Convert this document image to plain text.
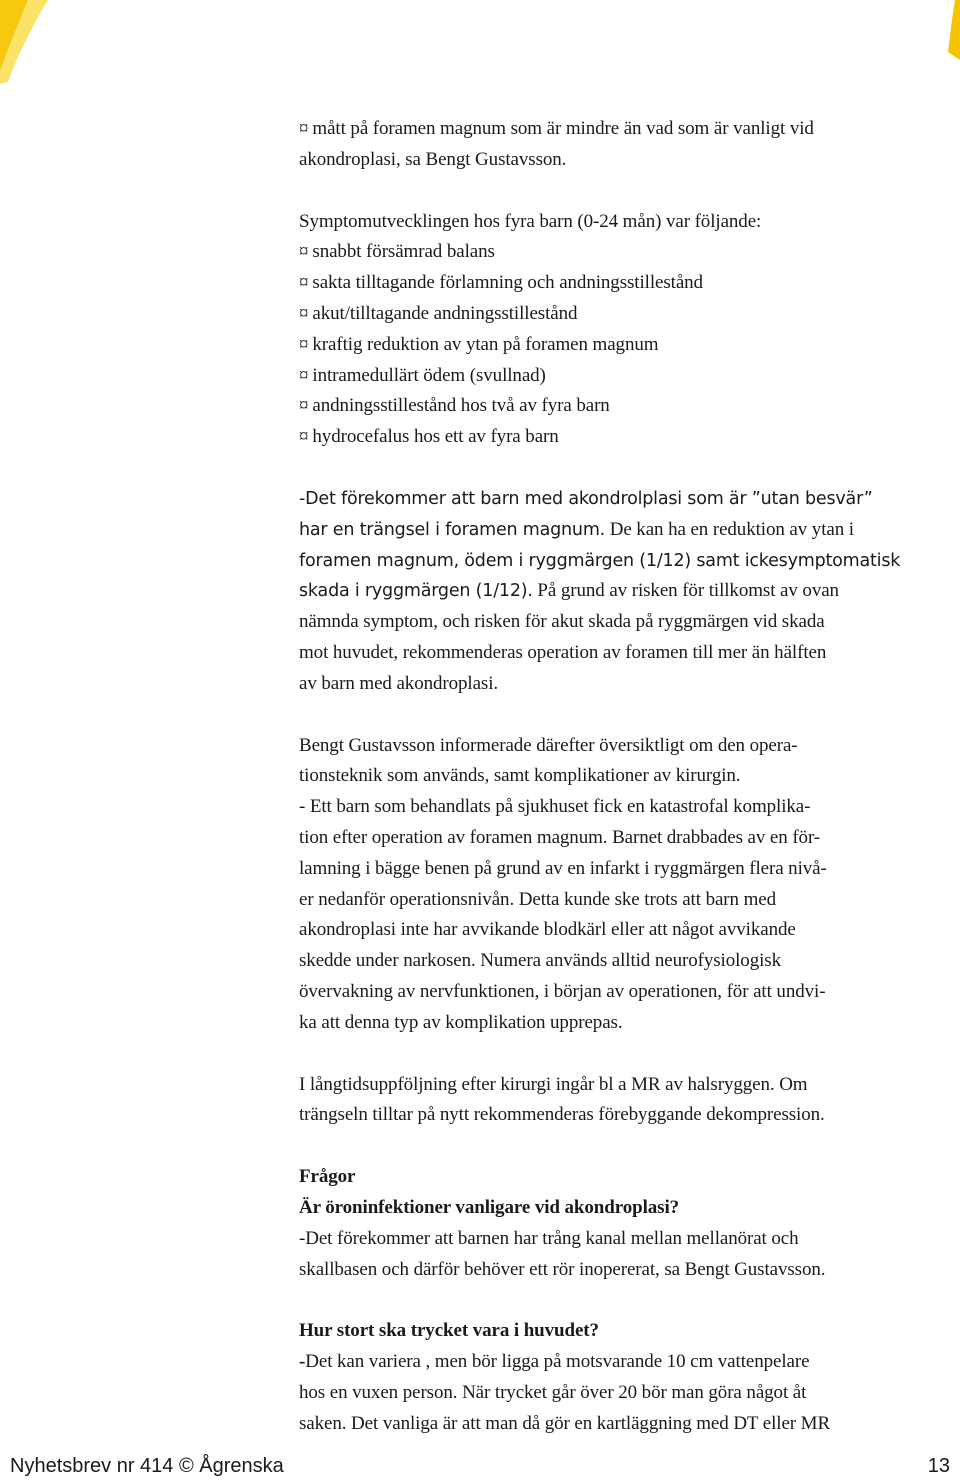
¤ mått på foramen magnum som är mindre än vad som är vanligt vid

akondroplasi, sa Bengt Gustavsson.

Symptomutvecklingen hos fyra barn (0-24 mån) var följande:

¤ snabbt försämrad balans

¤ sakta tilltagande förlamning och andningsstillestånd

¤ akut/tilltagande andningsstillestånd

¤ kraftig reduktion av ytan på foramen magnum

¤ intramedullärt ödem (svullnad)

¤ andningsstillestånd hos två av fyra barn

¤ hydrocefalus hos ett av fyra barn

-Det förekommer att barn med akondrolplasi som är ”utan besvär”

har en trängsel i foramen magnum. De kan ha en reduktion av ytan i

foramen magnum, ödem i ryggmärgen (1/12) samt ickesymptomatisk

skada i ryggmärgen (1/12). På grund av risken för tillkomst av ovan

nämnda symptom, och risken för akut skada på ryggmärgen vid skada

mot huvudet, rekommenderas operation av foramen till mer än hälften

av barn med akondroplasi.

Bengt Gustavsson informerade därefter översiktligt om den opera-

tionsteknik som används, samt komplikationer av kirurgin.

- Ett barn som behandlats på sjukhuset fick en katastrofal komplika-

tion efter operation av foramen magnum. Barnet drabbades av en för-

lamning i bägge benen på grund av en infarkt i ryggmärgen flera nivå-

er nedanför operationsnivån. Detta kunde ske trots att barn med

akondroplasi inte har avvikande blodkärl eller att något avvikande

skedde under narkosen. Numera används alltid neurofysiologisk

övervakning av nervfunktionen, i början av operationen, för att undvi-

ka att denna typ av komplikation upprepas.

I långtidsuppföljning efter kirurgi ingår bl a MR av halsryggen. Om

trängseln tilltar på nytt rekommenderas förebyggande dekompression.

Frågor

Är öroninfektioner vanligare vid akondroplasi?

-Det förekommer att barnen har trång kanal mellan mellanörat och

skallbasen och därför behöver ett rör inopererat, sa Bengt Gustavsson.

Hur stort ska trycket vara i huvudet?

-Det kan variera , men bör ligga på motsvarande 10 cm vattenpelare

hos en vuxen person. När trycket går över 20 bör man göra något åt

saken. Det vanliga är att man då gör en kartläggning med DT eller MR

Nyhetsbrev nr 414 © Ågrenska	13
